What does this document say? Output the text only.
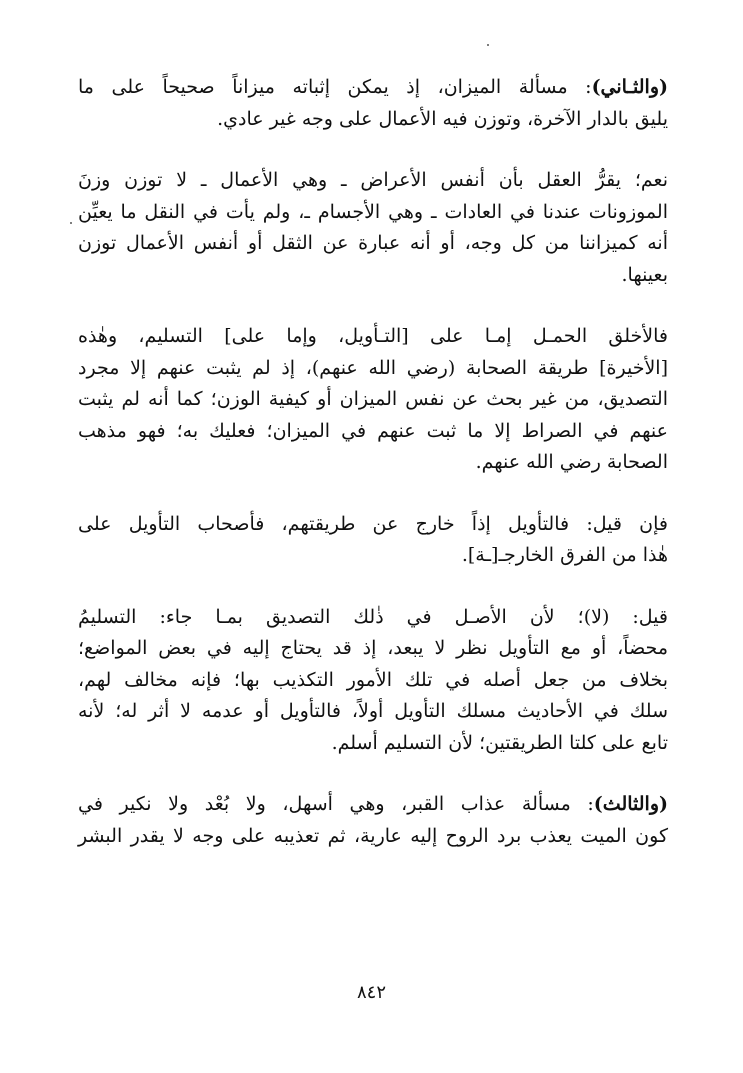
(والثـاني): مسألة الميزان، إذ يمكن إثباته ميزاناً صحيحاً على ما
يليق بالدار الآخرة، وتوزن فيه الأعمال على وجه غير عادي.

نعم؛ يقرُّ العقل بأن أنفس الأعراض ـ وهي الأعمال ـ لا توزن وزنَ
الموزونات عندنا في العادات ـ وهي الأجسام ـ، ولم يأت في النقل ما يعيِّن
أنه كميزاننا من كل وجه، أو أنه عبارة عن الثقل أو أنفس الأعمال توزن
بعينها.

فالأخلق الحمـل إمـا على [التـأويل، وإما على] التسليم، وهٰذه
[الأخيرة] طريقة الصحابة (رضي الله عنهم)، إذ لم يثبت عنهم إلا مجرد
التصديق، من غير بحث عن نفس الميزان أو كيفية الوزن؛ كما أنه لم يثبت
عنهم في الصراط إلا ما ثبت عنهم في الميزان؛ فعليك به؛ فهو مذهب
الصحابة رضي الله عنهم.

فإن قيل: فالتأويل إذاً خارج عن طريقتهم، فأصحاب التأويل على
هٰذا من الفرق الخارجـ[ـة].

قيل: (لا)؛ لأن الأصـل في ذٰلك التصديق بمـا جاء: التسليمُ
محضاً، أو مع التأويل نظر لا يبعد، إذ قد يحتاج إليه في بعض المواضع؛
بخلاف من جعل أصله في تلك الأمور التكذيب بها؛ فإنه مخالف لهم،
سلك في الأحاديث مسلك التأويل أولاً، فالتأويل أو عدمه لا أثر له؛ لأنه
تابع على كلتا الطريقتين؛ لأن التسليم أسلم.

(والثالث): مسألة عذاب القبر، وهي أسهل، ولا بُعْد ولا نكير في
كون الميت يعذب برد الروح إليه عارية، ثم تعذيبه على وجه لا يقدر البشر

٨٤٢
